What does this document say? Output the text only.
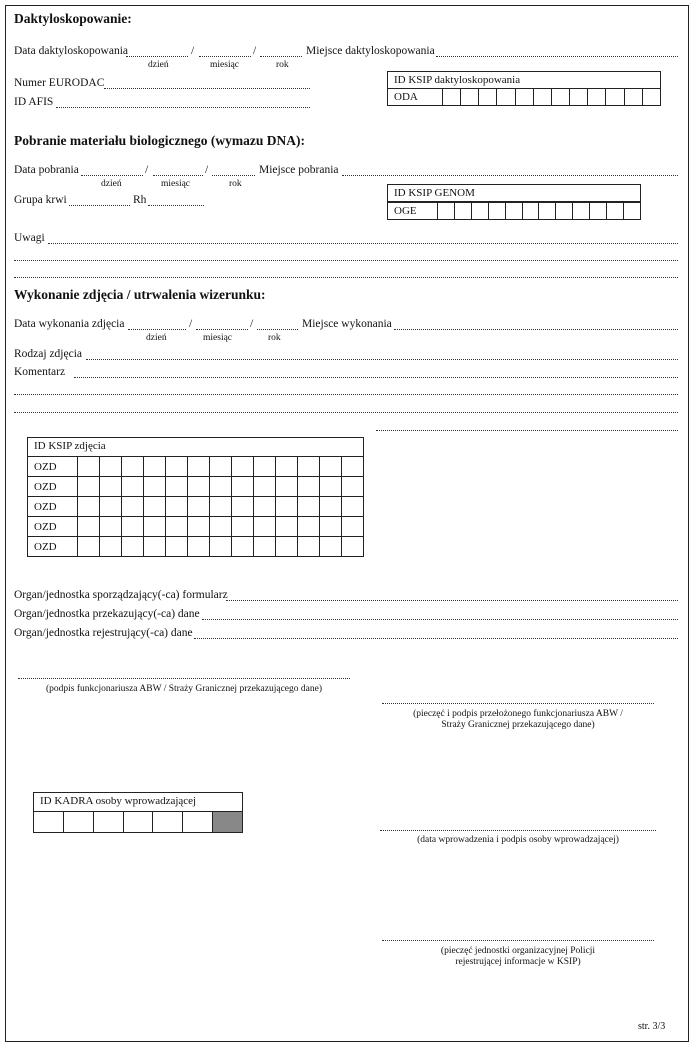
Daktyloskopowanie:
Data daktyloskopowania	/	/	Miejsce daktyloskopowania
dzień	miesiąc	rok
Numer EURODAC
ID AFIS
ID KSIP daktyloskopowania
ODA												
Pobranie materiału biologicznego (wymazu DNA):
Data pobrania	/	/	Miejsce pobrania
dzień	miesiąc	rok
Grupa krwi	Rh
ID KSIP GENOM
OGE												
Uwagi
Wykonanie zdjęcia / utrwalenia wizerunku:
Data wykonania zdjęcia	/	/	Miejsce wykonania
dzień	miesiąc	rok
Rodzaj zdjęcia
Komentarz
ID KSIP zdjęcia
OZD													
OZD													
OZD													
OZD													
OZD													
Organ/jednostka sporządzający(-ca) formularz
Organ/jednostka przekazujący(-ca) dane
Organ/jednostka rejestrujący(-ca) dane
(podpis funkcjonariusza ABW / Straży Granicznej przekazującego dane)
(pieczęć i podpis przełożonego funkcjonariusza ABW /
Straży Granicznej przekazującego dane)
ID KADRA osoby wprowadzającej

(data wprowadzenia i podpis osoby wprowadzającej)
(pieczęć jednostki organizacyjnej Policji
rejestrującej informacje w KSIP)
str. 3/3
